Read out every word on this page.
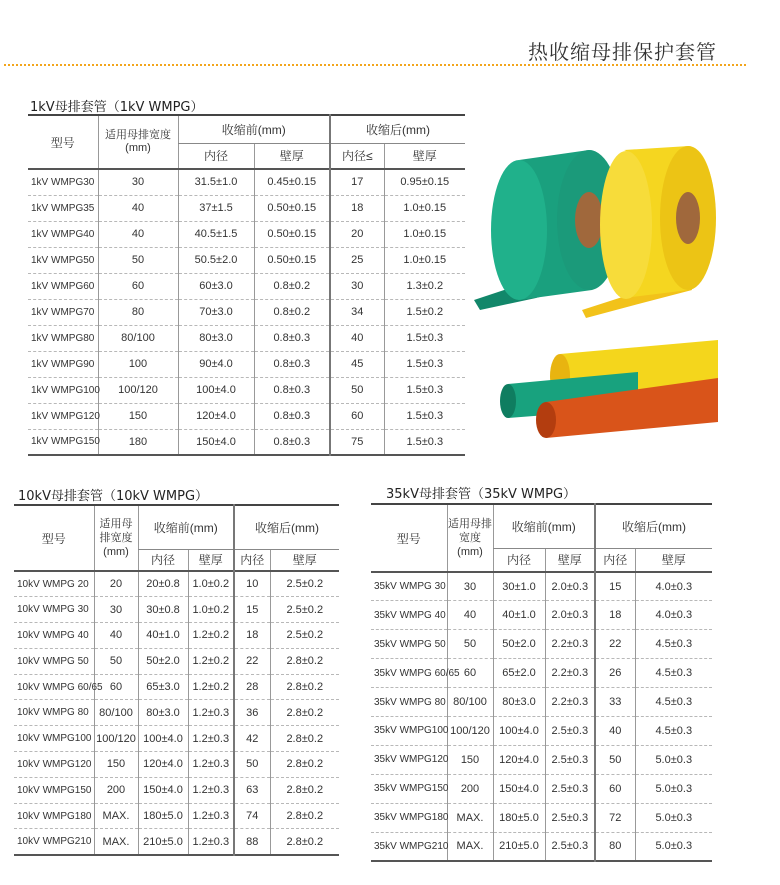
热收缩母排保护套管
1kV母排套管（1kV WMPG）
型号	适用母排宽度(mm)	收缩前(mm)		收缩后(mm)	
		内径	壁厚	内径≤	壁厚
1kV WMPG30	30	31.5±1.0	0.45±0.15	17	0.95±0.15
1kV WMPG35	40	37±1.5	0.50±0.15	18	1.0±0.15
1kV WMPG40	40	40.5±1.5	0.50±0.15	20	1.0±0.15
1kV WMPG50	50	50.5±2.0	0.50±0.15	25	1.0±0.15
1kV WMPG60	60	60±3.0	0.8±0.2	30	1.3±0.2
1kV WMPG70	80	70±3.0	0.8±0.2	34	1.5±0.2
1kV WMPG80	80/100	80±3.0	0.8±0.3	40	1.5±0.3
1kV WMPG90	100	90±4.0	0.8±0.3	45	1.5±0.3
1kV WMPG100	100/120	100±4.0	0.8±0.3	50	1.5±0.3
1kV WMPG120	150	120±4.0	0.8±0.3	60	1.5±0.3
1kV WMPG150	180	150±4.0	0.8±0.3	75	1.5±0.3
10kV母排套管（10kV WMPG）
型号	适用母排宽度(mm)	收缩前(mm)		收缩后(mm)	
		内径	壁厚	内径	壁厚
10kV WMPG 20	20	20±0.8	1.0±0.2	10	2.5±0.2
10kV WMPG 30	30	30±0.8	1.0±0.2	15	2.5±0.2
10kV WMPG 40	40	40±1.0	1.2±0.2	18	2.5±0.2
10kV WMPG 50	50	50±2.0	1.2±0.2	22	2.8±0.2
10kV WMPG 60/65	60	65±3.0	1.2±0.2	28	2.8±0.2
10kV WMPG 80	80/100	80±3.0	1.2±0.3	36	2.8±0.2
10kV WMPG100	100/120	100±4.0	1.2±0.3	42	2.8±0.2
10kV WMPG120	150	120±4.0	1.2±0.3	50	2.8±0.2
10kV WMPG150	200	150±4.0	1.2±0.3	63	2.8±0.2
10kV WMPG180	MAX.	180±5.0	1.2±0.3	74	2.8±0.2
10kV WMPG210	MAX.	210±5.0	1.2±0.3	88	2.8±0.2
35kV母排套管（35kV WMPG）
型号	适用母排宽度(mm)	收缩前(mm)		收缩后(mm)	
		内径	壁厚	内径	壁厚
35kV WMPG 30	30	30±1.0	2.0±0.3	15	4.0±0.3
35kV WMPG 40	40	40±1.0	2.0±0.3	18	4.0±0.3
35kV WMPG 50	50	50±2.0	2.2±0.3	22	4.5±0.3
35kV WMPG 60/65	60	65±2.0	2.2±0.3	26	4.5±0.3
35kV WMPG 80	80/100	80±3.0	2.2±0.3	33	4.5±0.3
35kV WMPG100	100/120	100±4.0	2.5±0.3	40	4.5±0.3
35kV WMPG120	150	120±4.0	2.5±0.3	50	5.0±0.3
35kV WMPG150	200	150±4.0	2.5±0.3	60	5.0±0.3
35kV WMPG180	MAX.	180±5.0	2.5±0.3	72	5.0±0.3
35kV WMPG210	MAX.	210±5.0	2.5±0.3	80	5.0±0.3
